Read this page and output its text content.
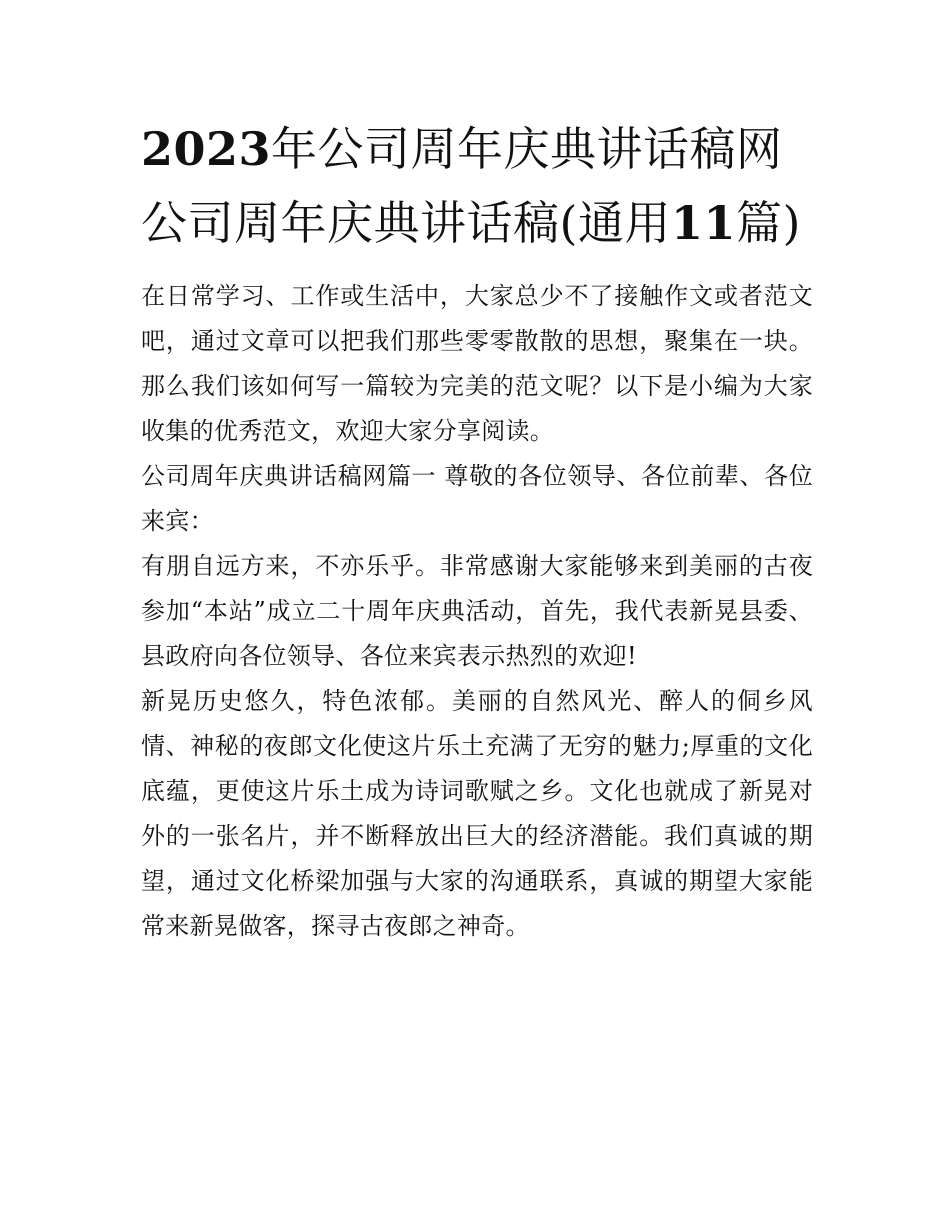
2023年公司周年庆典讲话稿网公司周年庆典讲话稿(通用11篇)

在日常学习、工作或生活中，大家总少不了接触作文或者范文吧，通过文章可以把我们那些零零散散的思想，聚集在一块。那么我们该如何写一篇较为完美的范文呢？以下是小编为大家收集的优秀范文，欢迎大家分享阅读。

公司周年庆典讲话稿网篇一 尊敬的各位领导、各位前辈、各位来宾：

有朋自远方来，不亦乐乎。非常感谢大家能够来到美丽的古夜参加“本站”成立二十周年庆典活动，首先，我代表新晃县委、县政府向各位领导、各位来宾表示热烈的欢迎!

新晃历史悠久，特色浓郁。美丽的自然风光、醉人的侗乡风情、神秘的夜郎文化使这片乐土充满了无穷的魅力;厚重的文化底蕴，更使这片乐土成为诗词歌赋之乡。文化也就成了新晃对外的一张名片，并不断释放出巨大的经济潜能。我们真诚的期望，通过文化桥梁加强与大家的沟通联系，真诚的期望大家能常来新晃做客，探寻古夜郎之神奇。
